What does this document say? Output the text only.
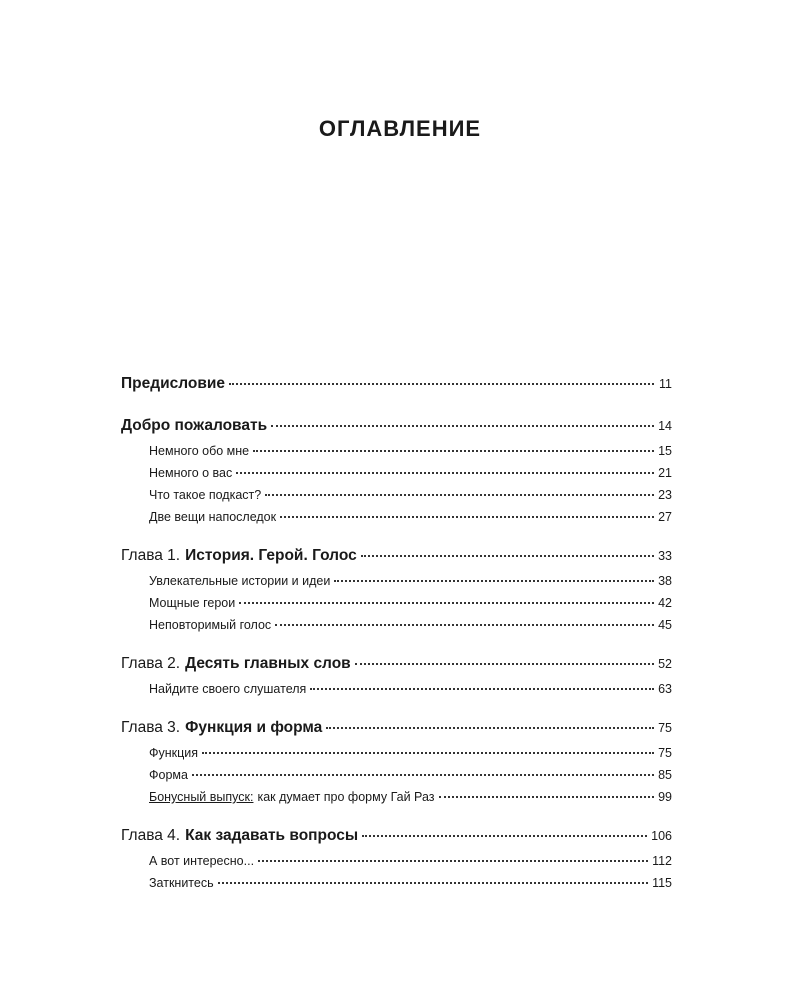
ОГЛАВЛЕНИЕ
Предисловие	11
Добро пожаловать	14
Немного обо мне	15
Немного о вас	21
Что такое подкаст?	23
Две вещи напоследок	27
Глава 1. История. Герой. Голос	33
Увлекательные истории и идеи	38
Мощные герои	42
Неповторимый голос	45
Глава 2. Десять главных слов	52
Найдите своего слушателя	63
Глава 3. Функция и форма	75
Функция	75
Форма	85
Бонусный выпуск: как думает про форму Гай Раз	99
Глава 4. Как задавать вопросы	106
А вот интересно...	112
Заткнитесь	115
